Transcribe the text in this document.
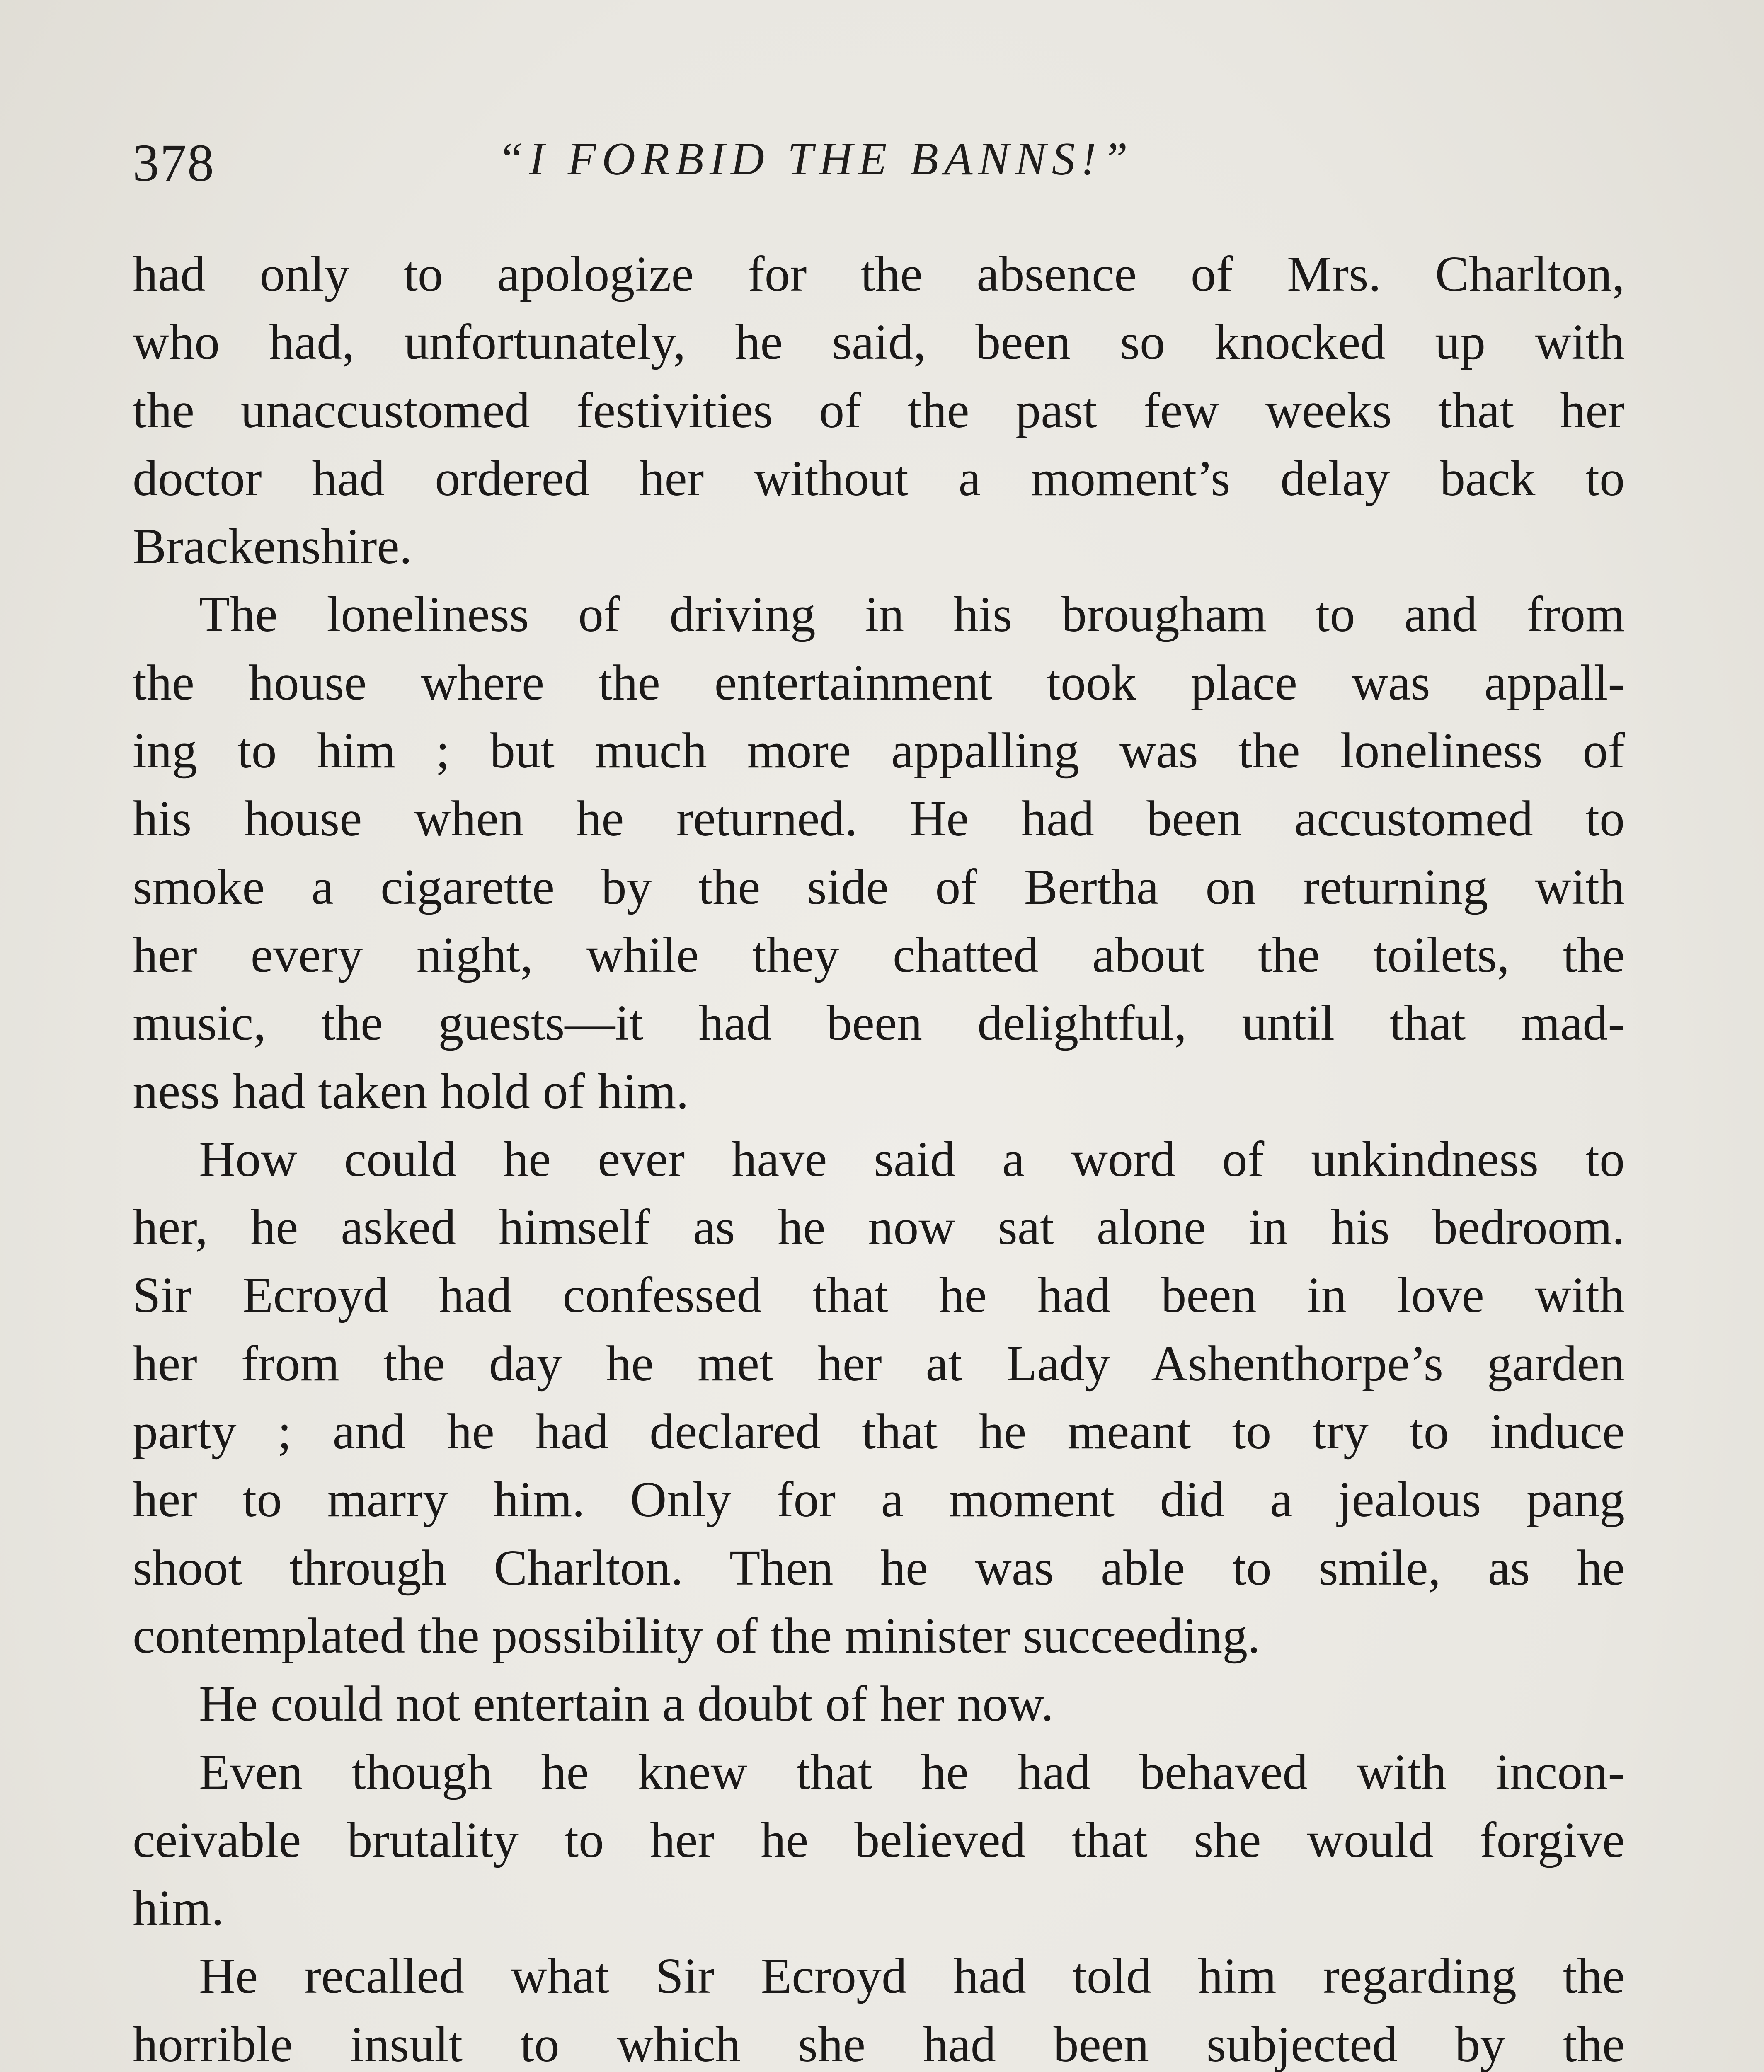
378	“I FORBID THE BANNS!”
had only to apologize for the absence of Mrs. Charlton,
who had, unfortunately, he said, been so knocked up with
the unaccustomed festivities of the past few weeks that her
doctor had ordered her without a moment’s delay back to
Brackenshire.
The loneliness of driving in his brougham to and from
the house where the entertainment took place was appall-
ing to him ; but much more appalling was the loneliness of
his house when he returned. He had been accustomed to
smoke a cigarette by the side of Bertha on returning with
her every night, while they chatted about the toilets, the
music, the guests—it had been delightful, until that mad-
ness had taken hold of him.
How could he ever have said a word of unkindness to
her, he asked himself as he now sat alone in his bedroom.
Sir Ecroyd had confessed that he had been in love with
her from the day he met her at Lady Ashenthorpe’s garden
party ; and he had declared that he meant to try to induce
her to marry him. Only for a moment did a jealous pang
shoot through Charlton. Then he was able to smile, as he
contemplated the possibility of the minister succeeding.
He could not entertain a doubt of her now.
Even though he knew that he had behaved with incon-
ceivable brutality to her he believed that she would forgive
him.
He recalled what Sir Ecroyd had told him regarding the
horrible insult to which she had been subjected by the
